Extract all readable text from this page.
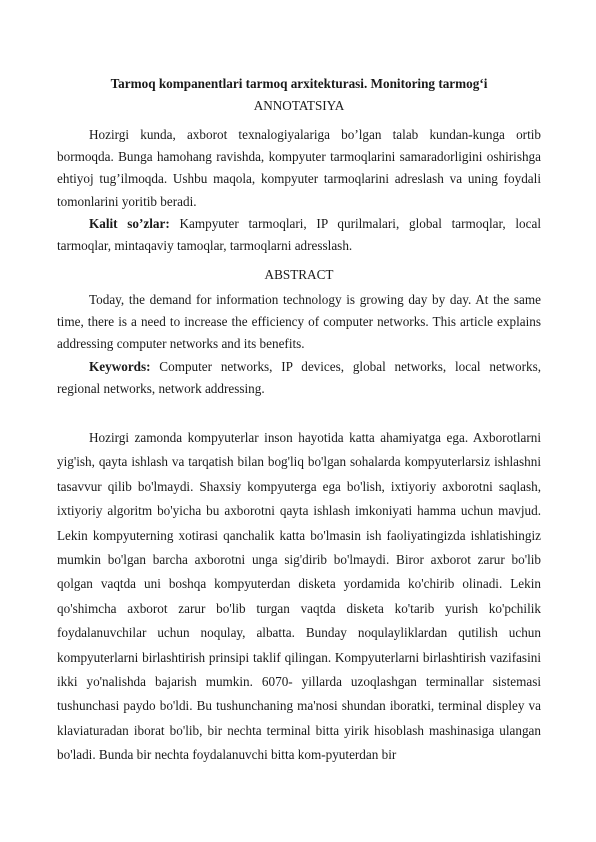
Tarmoq kompanentlari tarmoq arxitekturasi. Monitoring tarmog‘i
ANNOTATSIYA

Hozirgi kunda, axborot texnalogiyalariga bo’lgan talab kundan-kunga ortib bormoqda. Bunga hamohang ravishda, kompyuter tarmoqlarini samaradorligini oshirishga ehtiyoj tug’ilmoqda. Ushbu maqola, kompyuter tarmoqlarini adreslash va uning foydali tomonlarini yoritib beradi.

Kalit so’zlar: Kampyuter tarmoqlari, IP qurilmalari, global tarmoqlar, local tarmoqlar, mintaqaviy tamoqlar, tarmoqlarni adresslash.

ABSTRACT

Today, the demand for information technology is growing day by day. At the same time, there is a need to increase the efficiency of computer networks. This article explains addressing computer networks and its benefits.

Keywords: Computer networks, IP devices, global networks, local networks, regional networks, network addressing.

Hozirgi zamonda kompyuterlar inson hayotida katta ahamiyatga ega. Axborotlarni yig'ish, qayta ishlash va tarqatish bilan bog'liq bo'lgan sohalarda kompyuterlarsiz ishlashni tasavvur qilib bo'lmaydi. Shaxsiy kompyuterga ega bo'lish, ixtiyoriy axborotni saqlash, ixtiyoriy algoritm bo'yicha bu axborotni qayta ishlash imkoniyati hamma uchun mavjud. Lekin kompyuterning xotirasi qanchalik katta bo'lmasin ish faoliyatingizda ishlatishingiz mumkin bo'lgan barcha axborotni unga sig'dirib bo'lmaydi. Biror axborot zarur bo'lib qolgan vaqtda uni boshqa kompyuterdan disketa yordamida ko'chirib olinadi. Lekin qo'shimcha axborot zarur bo'lib turgan vaqtda disketa ko'tarib yurish ko'pchilik foydalanuvchilar uchun noqulay, albatta. Bunday noqulayliklardan qutilish uchun kompyuterlarni birlashtirish prinsipi taklif qilingan. Kompyuterlarni birlashtirish vazifasini ikki yo'nalishda bajarish mumkin. 6070- yillarda uzoqlashgan terminallar sistemasi tushunchasi paydo bo'ldi. Bu tushunchaning ma'nosi shundan iboratki, terminal displey va klaviaturadan iborat bo'lib, bir nechta terminal bitta yirik hisoblash mashinasiga ulangan bo'ladi. Bunda bir nechta foydalanuvchi bitta kom-pyuterdan bir
